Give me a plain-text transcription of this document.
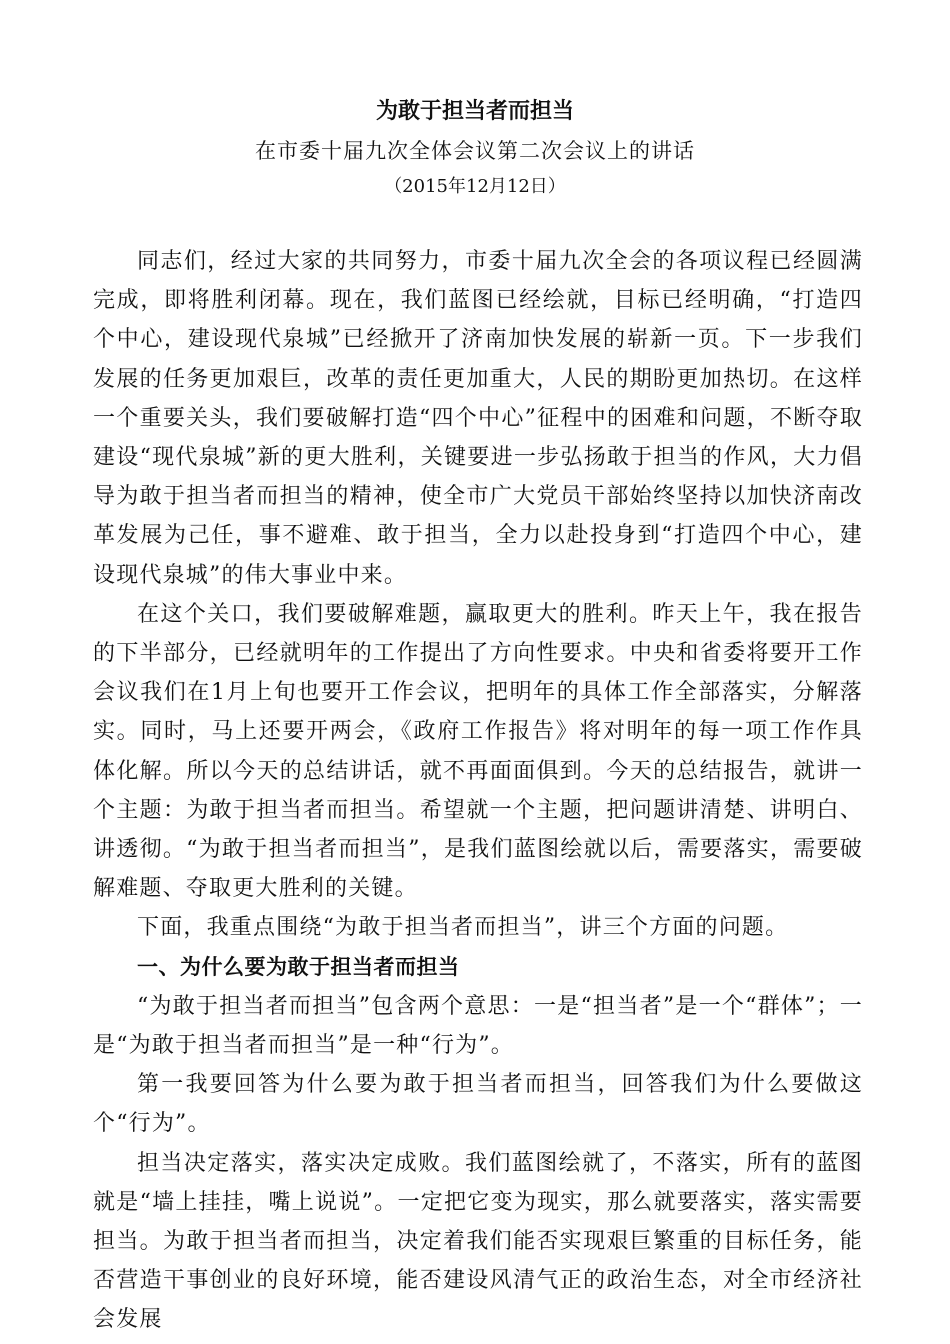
为敢于担当者而担当
在市委十届九次全体会议第二次会议上的讲话
（2015年12月12日）

同志们，经过大家的共同努力，市委十届九次全会的各项议程已经圆满完成，即将胜利闭幕。现在，我们蓝图已经绘就，目标已经明确，“打造四个中心，建设现代泉城”已经掀开了济南加快发展的崭新一页。下一步我们发展的任务更加艰巨，改革的责任更加重大，人民的期盼更加热切。在这样一个重要关头，我们要破解打造“四个中心”征程中的困难和问题，不断夺取建设“现代泉城”新的更大胜利，关键要进一步弘扬敢于担当的作风，大力倡导为敢于担当者而担当的精神，使全市广大党员干部始终坚持以加快济南改革发展为己任，事不避难、敢于担当，全力以赴投身到“打造四个中心，建设现代泉城”的伟大事业中来。

在这个关口，我们要破解难题，赢取更大的胜利。昨天上午，我在报告的下半部分，已经就明年的工作提出了方向性要求。中央和省委将要开工作会议我们在1月上旬也要开工作会议，把明年的具体工作全部落实，分解落实。同时，马上还要开两会，《政府工作报告》将对明年的每一项工作作具体化解。所以今天的总结讲话，就不再面面俱到。今天的总结报告，就讲一个主题：为敢于担当者而担当。希望就一个主题，把问题讲清楚、讲明白、讲透彻。“为敢于担当者而担当”，是我们蓝图绘就以后，需要落实，需要破解难题、夺取更大胜利的关键。

下面，我重点围绕“为敢于担当者而担当”，讲三个方面的问题。

一、为什么要为敢于担当者而担当

“为敢于担当者而担当”包含两个意思：一是“担当者”是一个“群体”；一是“为敢于担当者而担当”是一种“行为”。

第一我要回答为什么要为敢于担当者而担当，回答我们为什么要做这个“行为”。

担当决定落实，落实决定成败。我们蓝图绘就了，不落实，所有的蓝图就是“墙上挂挂，嘴上说说”。一定把它变为现实，那么就要落实，落实需要担当。为敢于担当者而担当，决定着我们能否实现艰巨繁重的目标任务，能否营造干事创业的良好环境，能否建设风清气正的政治生态，对全市经济社会发展
